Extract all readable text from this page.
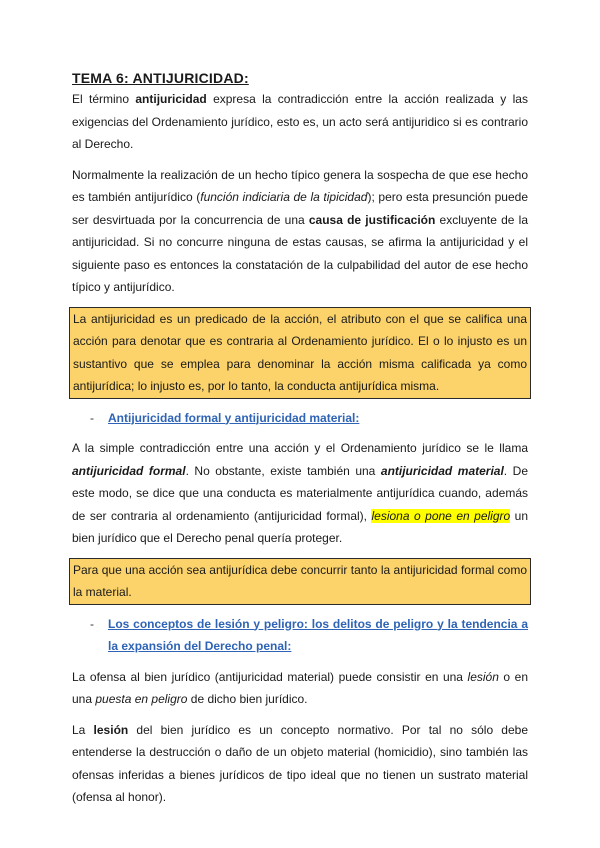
TEMA 6: ANTIJURICIDAD:

El término antijuricidad expresa la contradicción entre la acción realizada y las exigencias del Ordenamiento jurídico, esto es, un acto será antijuridico si es contrario al Derecho.

Normalmente la realización de un hecho típico genera la sospecha de que ese hecho es también antijurídico (función indiciaria de la tipicidad); pero esta presunción puede ser desvirtuada por la concurrencia de una causa de justificación excluyente de la antijuricidad. Si no concurre ninguna de estas causas, se afirma la antijuricidad y el siguiente paso es entonces la constatación de la culpabilidad del autor de ese hecho típico y antijurídico.

La antijuricidad es un predicado de la acción, el atributo con el que se califica una acción para denotar que es contraria al Ordenamiento jurídico. El o lo injusto es un sustantivo que se emplea para denominar la acción misma calificada ya como antijurídica; lo injusto es, por lo tanto, la conducta antijurídica misma.

-	Antijuricidad formal y antijuricidad material:

A la simple contradicción entre una acción y el Ordenamiento jurídico se le llama antijuricidad formal. No obstante, existe también una antijuricidad material. De este modo, se dice que una conducta es materialmente antijurídica cuando, además de ser contraria al ordenamiento (antijuricidad formal), lesiona o pone en peligro un bien jurídico que el Derecho penal quería proteger.

Para que una acción sea antijurídica debe concurrir tanto la antijuricidad formal como la material.

-	Los conceptos de lesión y peligro: los delitos de peligro y la tendencia a la expansión del Derecho penal:

La ofensa al bien jurídico (antijuricidad material) puede consistir en una lesión o en una puesta en peligro de dicho bien jurídico.

La lesión del bien jurídico es un concepto normativo. Por tal no sólo debe entenderse la destrucción o daño de un objeto material (homicidio), sino también las ofensas inferidas a bienes jurídicos de tipo ideal que no tienen un sustrato material (ofensa al honor).
